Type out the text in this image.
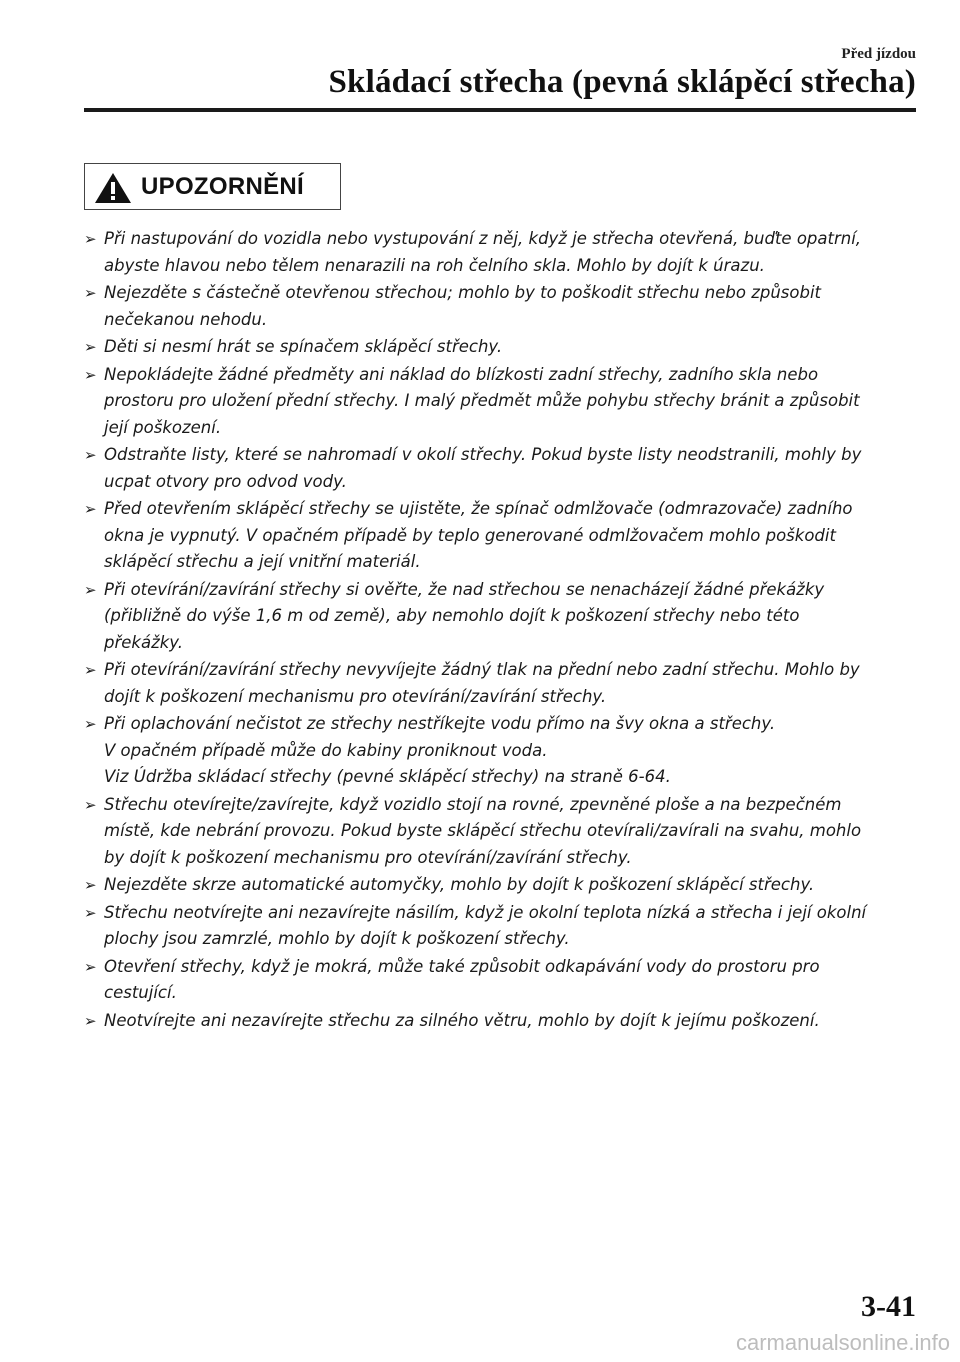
Před jízdou
Skládací střecha (pevná sklápěcí střecha)
UPOZORNĚNÍ
➢ Při nastupování do vozidla nebo vystupování z něj, když je střecha otevřená, buďte opatrní,
abyste hlavou nebo tělem nenarazili na roh čelního skla. Mohlo by dojít k úrazu.
➢ Nejezděte s částečně otevřenou střechou; mohlo by to poškodit střechu nebo způsobit
nečekanou nehodu.
➢ Děti si nesmí hrát se spínačem sklápěcí střechy.
➢ Nepokládejte žádné předměty ani náklad do blízkosti zadní střechy, zadního skla nebo
prostoru pro uložení přední střechy. I malý předmět může pohybu střechy bránit a způsobit
její poškození.
➢ Odstraňte listy, které se nahromadí v okolí střechy. Pokud byste listy neodstranili, mohly by
ucpat otvory pro odvod vody.
➢ Před otevřením sklápěcí střechy se ujistěte, že spínač odmlžovače (odmrazovače) zadního
okna je vypnutý. V opačném případě by teplo generované odmlžovačem mohlo poškodit
sklápěcí střechu a její vnitřní materiál.
➢ Při otevírání/zavírání střechy si ověřte, že nad střechou se nenacházejí žádné překážky
(přibližně do výše 1,6 m od země), aby nemohlo dojít k poškození střechy nebo této
překážky.
➢ Při otevírání/zavírání střechy nevyvíjejte žádný tlak na přední nebo zadní střechu. Mohlo by
dojít k poškození mechanismu pro otevírání/zavírání střechy.
➢ Při oplachování nečistot ze střechy nestříkejte vodu přímo na švy okna a střechy.
V opačném případě může do kabiny proniknout voda.
Viz Údržba skládací střechy (pevné sklápěcí střechy) na straně 6-64.
➢ Střechu otevírejte/zavírejte, když vozidlo stojí na rovné, zpevněné ploše a na bezpečném
místě, kde nebrání provozu. Pokud byste sklápěcí střechu otevírali/zavírali na svahu, mohlo
by dojít k poškození mechanismu pro otevírání/zavírání střechy.
➢ Nejezděte skrze automatické automyčky, mohlo by dojít k poškození sklápěcí střechy.
➢ Střechu neotvírejte ani nezavírejte násilím, když je okolní teplota nízká a střecha i její okolní
plochy jsou zamrzlé, mohlo by dojít k poškození střechy.
➢ Otevření střechy, když je mokrá, může také způsobit odkapávání vody do prostoru pro
cestující.
➢ Neotvírejte ani nezavírejte střechu za silného větru, mohlo by dojít k jejímu poškození.
3-41
carmanualsonline.info
